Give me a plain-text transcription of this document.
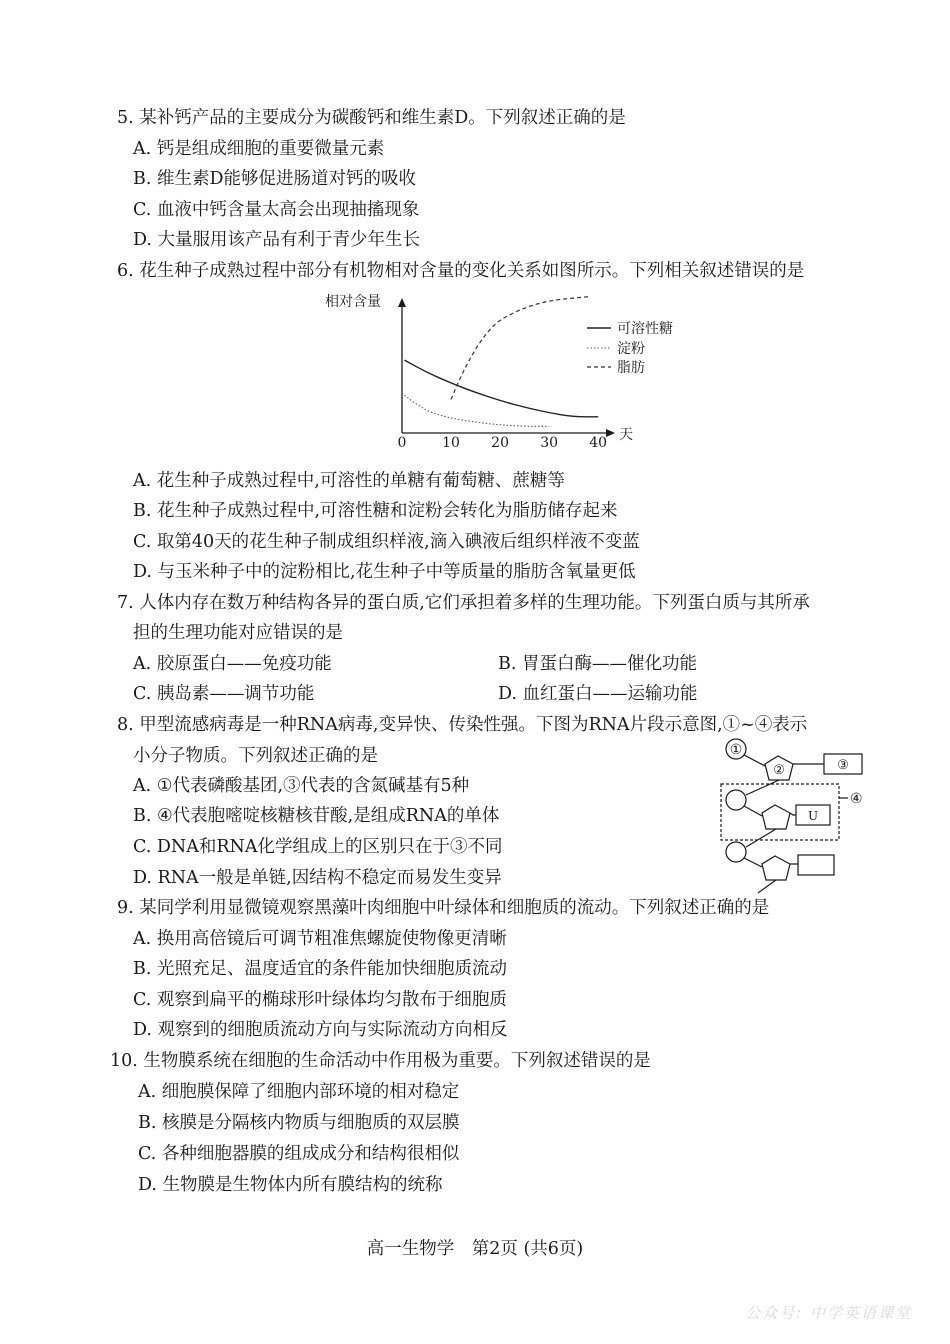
5. 某补钙产品的主要成分为碳酸钙和维生素D。下列叙述正确的是
A. 钙是组成细胞的重要微量元素
B. 维生素D能够促进肠道对钙的吸收
C. 血液中钙含量太高会出现抽搐现象
D. 大量服用该产品有利于青少年生长
6. 花生种子成熟过程中部分有机物相对含量的变化关系如图所示。下列相关叙述错误的是
相对含量
天
0	10 20 30 40
可溶性糖
淀粉
脂肪
A. 花生种子成熟过程中,可溶性的单糖有葡萄糖、蔗糖等
B. 花生种子成熟过程中,可溶性糖和淀粉会转化为脂肪储存起来
C. 取第40天的花生种子制成组织样液,滴入碘液后组织样液不变蓝
D. 与玉米种子中的淀粉相比,花生种子中等质量的脂肪含氧量更低
7. 人体内存在数万种结构各异的蛋白质,它们承担着多样的生理功能。下列蛋白质与其所承
担的生理功能对应错误的是
A. 胶原蛋白——免疫功能	B. 胃蛋白酶——催化功能
C. 胰岛素——调节功能	D. 血红蛋白——运输功能
8. 甲型流感病毒是一种RNA病毒,变异快、传染性强。下图为RNA片段示意图,①~④表示
小分子物质。下列叙述正确的是
A. ①代表磷酸基团,③代表的含氮碱基有5种
B. ④代表胞嘧啶核糖核苷酸,是组成RNA的单体
C. DNA和RNA化学组成上的区别只在于③不同
D. RNA一般是单链,因结构不稳定而易发生变异
①
②	③
U
④
9. 某同学利用显微镜观察黑藻叶肉细胞中叶绿体和细胞质的流动。下列叙述正确的是
A. 换用高倍镜后可调节粗准焦螺旋使物像更清晰
B. 光照充足、温度适宜的条件能加快细胞质流动
C. 观察到扁平的椭球形叶绿体均匀散布于细胞质
D. 观察到的细胞质流动方向与实际流动方向相反
10. 生物膜系统在细胞的生命活动中作用极为重要。下列叙述错误的是
A. 细胞膜保障了细胞内部环境的相对稳定
B. 核膜是分隔核内物质与细胞质的双层膜
C. 各种细胞器膜的组成成分和结构很相似
D. 生物膜是生物体内所有膜结构的统称
高一生物学　第2页 (共6页)
公众号: 中学英语课堂
